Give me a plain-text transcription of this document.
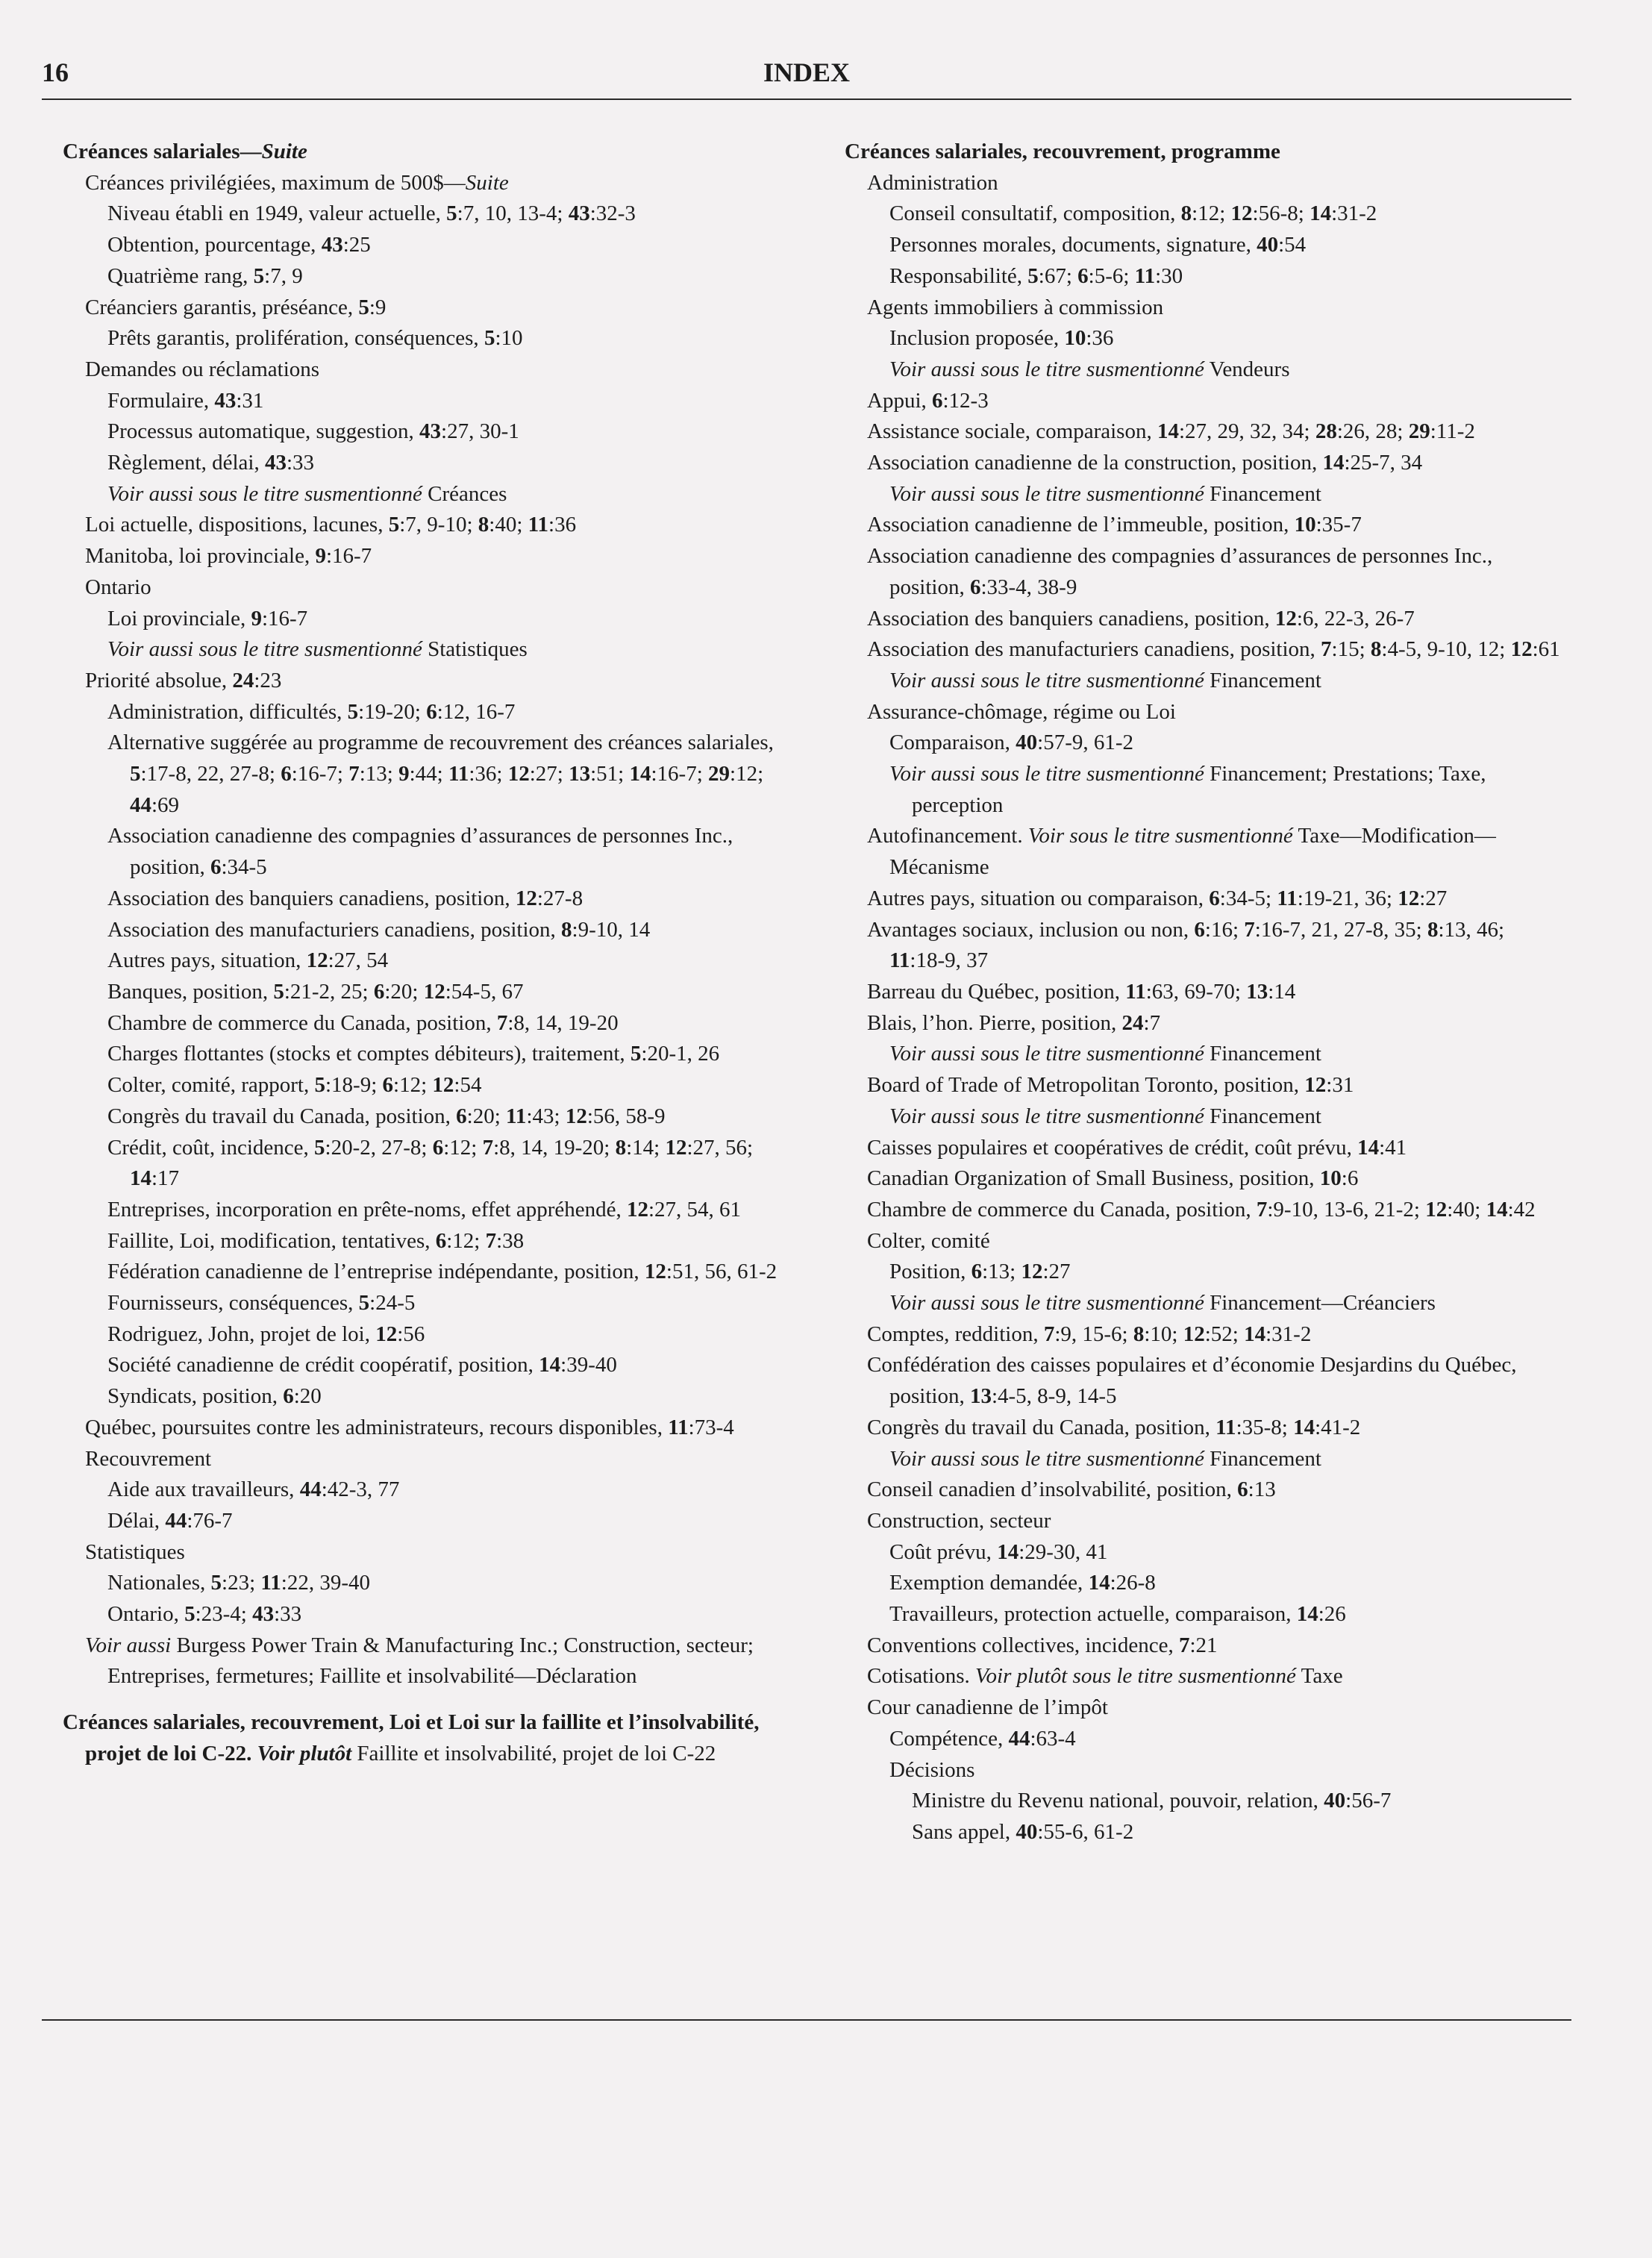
16	INDEX
Créances salariales—Suite
Créances privilégiées, maximum de 500$—Suite
Niveau établi en 1949, valeur actuelle, 5:7, 10, 13-4; 43:32-3
Obtention, pourcentage, 43:25
Quatrième rang, 5:7, 9
Créanciers garantis, préséance, 5:9
Prêts garantis, prolifération, conséquences, 5:10
Demandes ou réclamations
Formulaire, 43:31
Processus automatique, suggestion, 43:27, 30-1
Règlement, délai, 43:33
Voir aussi sous le titre susmentionné Créances
Loi actuelle, dispositions, lacunes, 5:7, 9-10; 8:40; 11:36
Manitoba, loi provinciale, 9:16-7
Ontario
Loi provinciale, 9:16-7
Voir aussi sous le titre susmentionné Statistiques
Priorité absolue, 24:23
Administration, difficultés, 5:19-20; 6:12, 16-7
Alternative suggérée au programme de recouvrement des créances salariales, 5:17-8, 22, 27-8; 6:16-7; 7:13; 9:44; 11:36; 12:27; 13:51; 14:16-7; 29:12; 44:69
Association canadienne des compagnies d’assurances de personnes Inc., position, 6:34-5
Association des banquiers canadiens, position, 12:27-8
Association des manufacturiers canadiens, position, 8:9-10, 14
Autres pays, situation, 12:27, 54
Banques, position, 5:21-2, 25; 6:20; 12:54-5, 67
Chambre de commerce du Canada, position, 7:8, 14, 19-20
Charges flottantes (stocks et comptes débiteurs), traitement, 5:20-1, 26
Colter, comité, rapport, 5:18-9; 6:12; 12:54
Congrès du travail du Canada, position, 6:20; 11:43; 12:56, 58-9
Crédit, coût, incidence, 5:20-2, 27-8; 6:12; 7:8, 14, 19-20; 8:14; 12:27, 56; 14:17
Entreprises, incorporation en prête-noms, effet appréhendé, 12:27, 54, 61
Faillite, Loi, modification, tentatives, 6:12; 7:38
Fédération canadienne de l’entreprise indépendante, position, 12:51, 56, 61-2
Fournisseurs, conséquences, 5:24-5
Rodriguez, John, projet de loi, 12:56
Société canadienne de crédit coopératif, position, 14:39-40
Syndicats, position, 6:20
Québec, poursuites contre les administrateurs, recours disponibles, 11:73-4
Recouvrement
Aide aux travailleurs, 44:42-3, 77
Délai, 44:76-7
Statistiques
Nationales, 5:23; 11:22, 39-40
Ontario, 5:23-4; 43:33
Voir aussi Burgess Power Train & Manufacturing Inc.; Construction, secteur; Entreprises, fermetures; Faillite et insolvabilité—Déclaration
Créances salariales, recouvrement, Loi et Loi sur la faillite et l’insolvabilité, projet de loi C-22. Voir plutôt Faillite et insolvabilité, projet de loi C-22
Créances salariales, recouvrement, programme
Administration
Conseil consultatif, composition, 8:12; 12:56-8; 14:31-2
Personnes morales, documents, signature, 40:54
Responsabilité, 5:67; 6:5-6; 11:30
Agents immobiliers à commission
Inclusion proposée, 10:36
Voir aussi sous le titre susmentionné Vendeurs
Appui, 6:12-3
Assistance sociale, comparaison, 14:27, 29, 32, 34; 28:26, 28; 29:11-2
Association canadienne de la construction, position, 14:25-7, 34
Voir aussi sous le titre susmentionné Financement
Association canadienne de l’immeuble, position, 10:35-7
Association canadienne des compagnies d’assurances de personnes Inc., position, 6:33-4, 38-9
Association des banquiers canadiens, position, 12:6, 22-3, 26-7
Association des manufacturiers canadiens, position, 7:15; 8:4-5, 9-10, 12; 12:61
Voir aussi sous le titre susmentionné Financement
Assurance-chômage, régime ou Loi
Comparaison, 40:57-9, 61-2
Voir aussi sous le titre susmentionné Financement; Prestations; Taxe, perception
Autofinancement. Voir sous le titre susmentionné Taxe—Modification—Mécanisme
Autres pays, situation ou comparaison, 6:34-5; 11:19-21, 36; 12:27
Avantages sociaux, inclusion ou non, 6:16; 7:16-7, 21, 27-8, 35; 8:13, 46; 11:18-9, 37
Barreau du Québec, position, 11:63, 69-70; 13:14
Blais, l’hon. Pierre, position, 24:7
Voir aussi sous le titre susmentionné Financement
Board of Trade of Metropolitan Toronto, position, 12:31
Voir aussi sous le titre susmentionné Financement
Caisses populaires et coopératives de crédit, coût prévu, 14:41
Canadian Organization of Small Business, position, 10:6
Chambre de commerce du Canada, position, 7:9-10, 13-6, 21-2; 12:40; 14:42
Colter, comité
Position, 6:13; 12:27
Voir aussi sous le titre susmentionné Financement—Créanciers
Comptes, reddition, 7:9, 15-6; 8:10; 12:52; 14:31-2
Confédération des caisses populaires et d’économie Desjardins du Québec, position, 13:4-5, 8-9, 14-5
Congrès du travail du Canada, position, 11:35-8; 14:41-2
Voir aussi sous le titre susmentionné Financement
Conseil canadien d’insolvabilité, position, 6:13
Construction, secteur
Coût prévu, 14:29-30, 41
Exemption demandée, 14:26-8
Travailleurs, protection actuelle, comparaison, 14:26
Conventions collectives, incidence, 7:21
Cotisations. Voir plutôt sous le titre susmentionné Taxe
Cour canadienne de l’impôt
Compétence, 44:63-4
Décisions
Ministre du Revenu national, pouvoir, relation, 40:56-7
Sans appel, 40:55-6, 61-2
